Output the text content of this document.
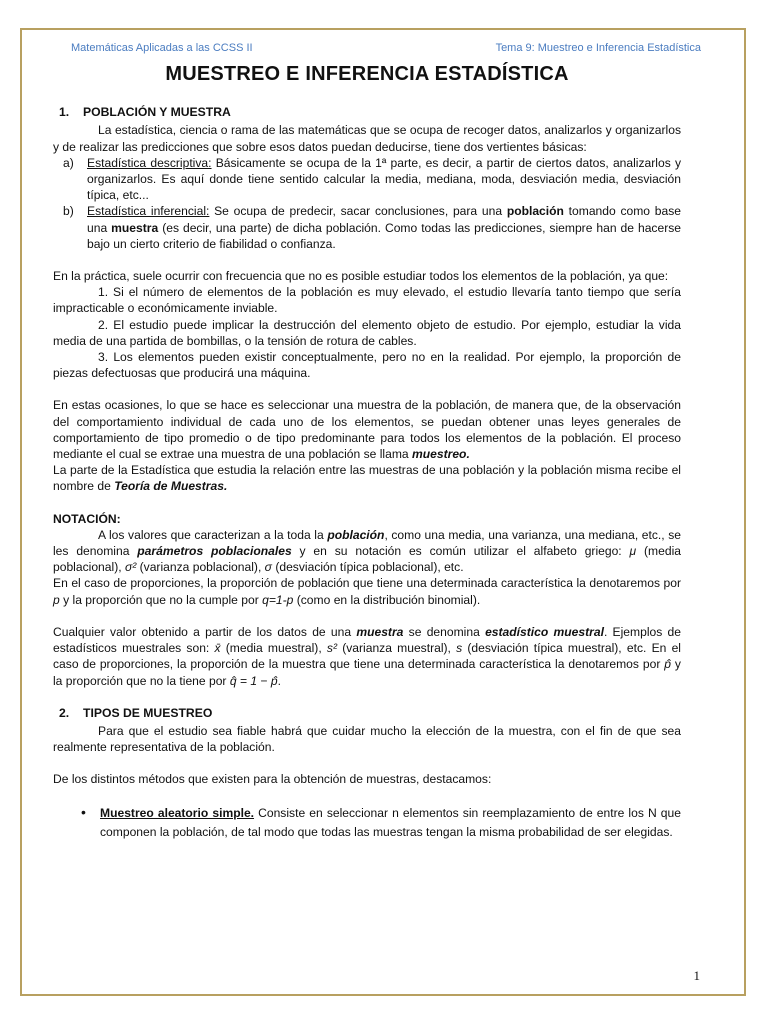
Matemáticas Aplicadas a las CCSS II	Tema 9: Muestreo e Inferencia Estadística
1
MUESTREO E INFERENCIA ESTADÍSTICA
1. POBLACIÓN Y MUESTRA

La estadística, ciencia o rama de las matemáticas que se ocupa de recoger datos, analizarlos y organizarlos y de realizar las predicciones que sobre esos datos puedan deducirse, tiene dos vertientes básicas:

a)	Estadística descriptiva: Básicamente se ocupa de la 1ª parte, es decir, a partir de ciertos datos, analizarlos y organizarlos. Es aquí donde tiene sentido calcular la media, mediana, moda, desviación media, desviación típica, etc...
b)	Estadística inferencial: Se ocupa de predecir, sacar conclusiones, para una población tomando como base una muestra (es decir, una parte) de dicha población. Como todas las predicciones, siempre han de hacerse bajo un cierto criterio de fiabilidad o confianza.

En la práctica, suele ocurrir con frecuencia que no es posible estudiar todos los elementos de la población, ya que:

1. Si el número de elementos de la población es muy elevado, el estudio llevaría tanto tiempo que sería impracticable o económicamente inviable.

2. El estudio puede implicar la destrucción del elemento objeto de estudio. Por ejemplo, estudiar la vida media de una partida de bombillas, o la tensión de rotura de cables.

3. Los elementos pueden existir conceptualmente, pero no en la realidad. Por ejemplo, la proporción de piezas defectuosas que producirá una máquina.

En estas ocasiones, lo que se hace es seleccionar una muestra de la población, de manera que, de la observación del comportamiento individual de cada uno de los elementos, se puedan obtener unas leyes generales de comportamiento de tipo promedio o de tipo predominante para todos los elementos de la población. El proceso mediante el cual se extrae una muestra de una población se llama muestreo.

La parte de la Estadística que estudia la relación entre las muestras de una población y la población misma recibe el nombre de Teoría de Muestras.

NOTACIÓN:

A los valores que caracterizan a la toda la población, como una media, una varianza, una mediana, etc., se les denomina parámetros poblacionales y en su notación es común utilizar el alfabeto griego: μ (media poblacional), σ² (varianza poblacional), σ (desviación típica poblacional), etc.

En el caso de proporciones, la proporción de población que tiene una determinada característica la denotaremos por p y la proporción que no la cumple por q=1-p (como en la distribución binomial).

Cualquier valor obtenido a partir de los datos de una muestra se denomina estadístico muestral. Ejemplos de estadísticos muestrales son: x̄ (media muestral), s² (varianza muestral), s (desviación típica muestral), etc. En el caso de proporciones, la proporción de la muestra que tiene una determinada característica la denotaremos por p̂ y la proporción que no la tiene por q̂ = 1 − p̂.

2. TIPOS DE MUESTREO

Para que el estudio sea fiable habrá que cuidar mucho la elección de la muestra, con el fin de que sea realmente representativa de la población.

De los distintos métodos que existen para la obtención de muestras, destacamos:

•	Muestreo aleatorio simple. Consiste en seleccionar n elementos sin reemplazamiento de entre los N que componen la población, de tal modo que todas las muestras tengan la misma probabilidad de ser elegidas.
